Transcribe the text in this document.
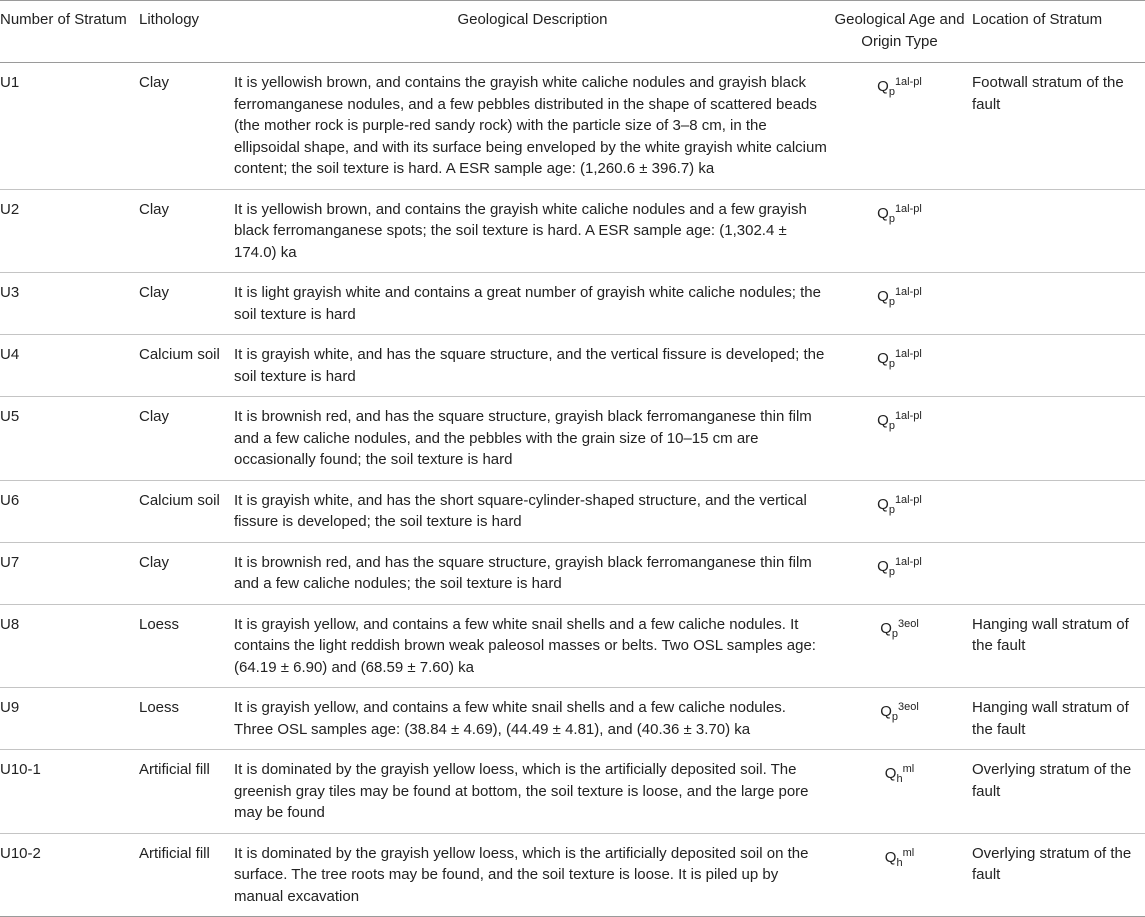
Number of Stratum	Lithology	Geological Description	Geological Age and
Origin Type	Location of Stratum
U1	Clay	It is yellowish brown, and contains the grayish white caliche nodules and grayish black ferromanganese nodules, and a few pebbles distributed in the shape of scattered beads (the mother rock is purple-red sandy rock) with the particle size of 3–8 cm, in the ellipsoidal shape, and with its surface being enveloped by the white grayish white calcium content; the soil texture is hard. A ESR sample age: (1,260.6 ± 396.7) ka	$Q_p^{1al-pl}$	Footwall stratum of the fault
U2	Clay	It is yellowish brown, and contains the grayish white caliche nodules and a few grayish black ferromanganese spots; the soil texture is hard. A ESR sample age: (1,302.4 ± 174.0) ka	$Q_p^{1al-pl}$	
U3	Clay	It is light grayish white and contains a great number of grayish white caliche nodules; the soil texture is hard	$Q_p^{1al-pl}$	
U4	Calcium soil	It is grayish white, and has the square structure, and the vertical fissure is developed; the soil texture is hard	$Q_p^{1al-pl}$	
U5	Clay	It is brownish red, and has the square structure, grayish black ferromanganese thin film and a few caliche nodules, and the pebbles with the grain size of 10–15 cm are occasionally found; the soil texture is hard	$Q_p^{1al-pl}$	
U6	Calcium soil	It is grayish white, and has the short square-cylinder-shaped structure, and the vertical fissure is developed; the soil texture is hard	$Q_p^{1al-pl}$	
U7	Clay	It is brownish red, and has the square structure, grayish black ferromanganese thin film and a few caliche nodules; the soil texture is hard	$Q_p^{1al-pl}$	
U8	Loess	It is grayish yellow, and contains a few white snail shells and a few caliche nodules. It contains the light reddish brown weak paleosol masses or belts. Two OSL samples age: (64.19 ± 6.90) and (68.59 ± 7.60) ka	$Q_p^{3eol}$	Hanging wall stratum of the fault
U9	Loess	It is grayish yellow, and contains a few white snail shells and a few caliche nodules. Three OSL samples age: (38.84 ± 4.69), (44.49 ± 4.81), and (40.36 ± 3.70) ka	$Q_p^{3eol}$	Hanging wall stratum of the fault
U10-1	Artificial fill	It is dominated by the grayish yellow loess, which is the artificially deposited soil. The greenish gray tiles may be found at bottom, the soil texture is loose, and the large pore may be found	$Q_h^{ml}$	Overlying stratum of the fault
U10-2	Artificial fill	It is dominated by the grayish yellow loess, which is the artificially deposited soil on the surface. The tree roots may be found, and the soil texture is loose. It is piled up by manual excavation	$Q_h^{ml}$	Overlying stratum of the fault
